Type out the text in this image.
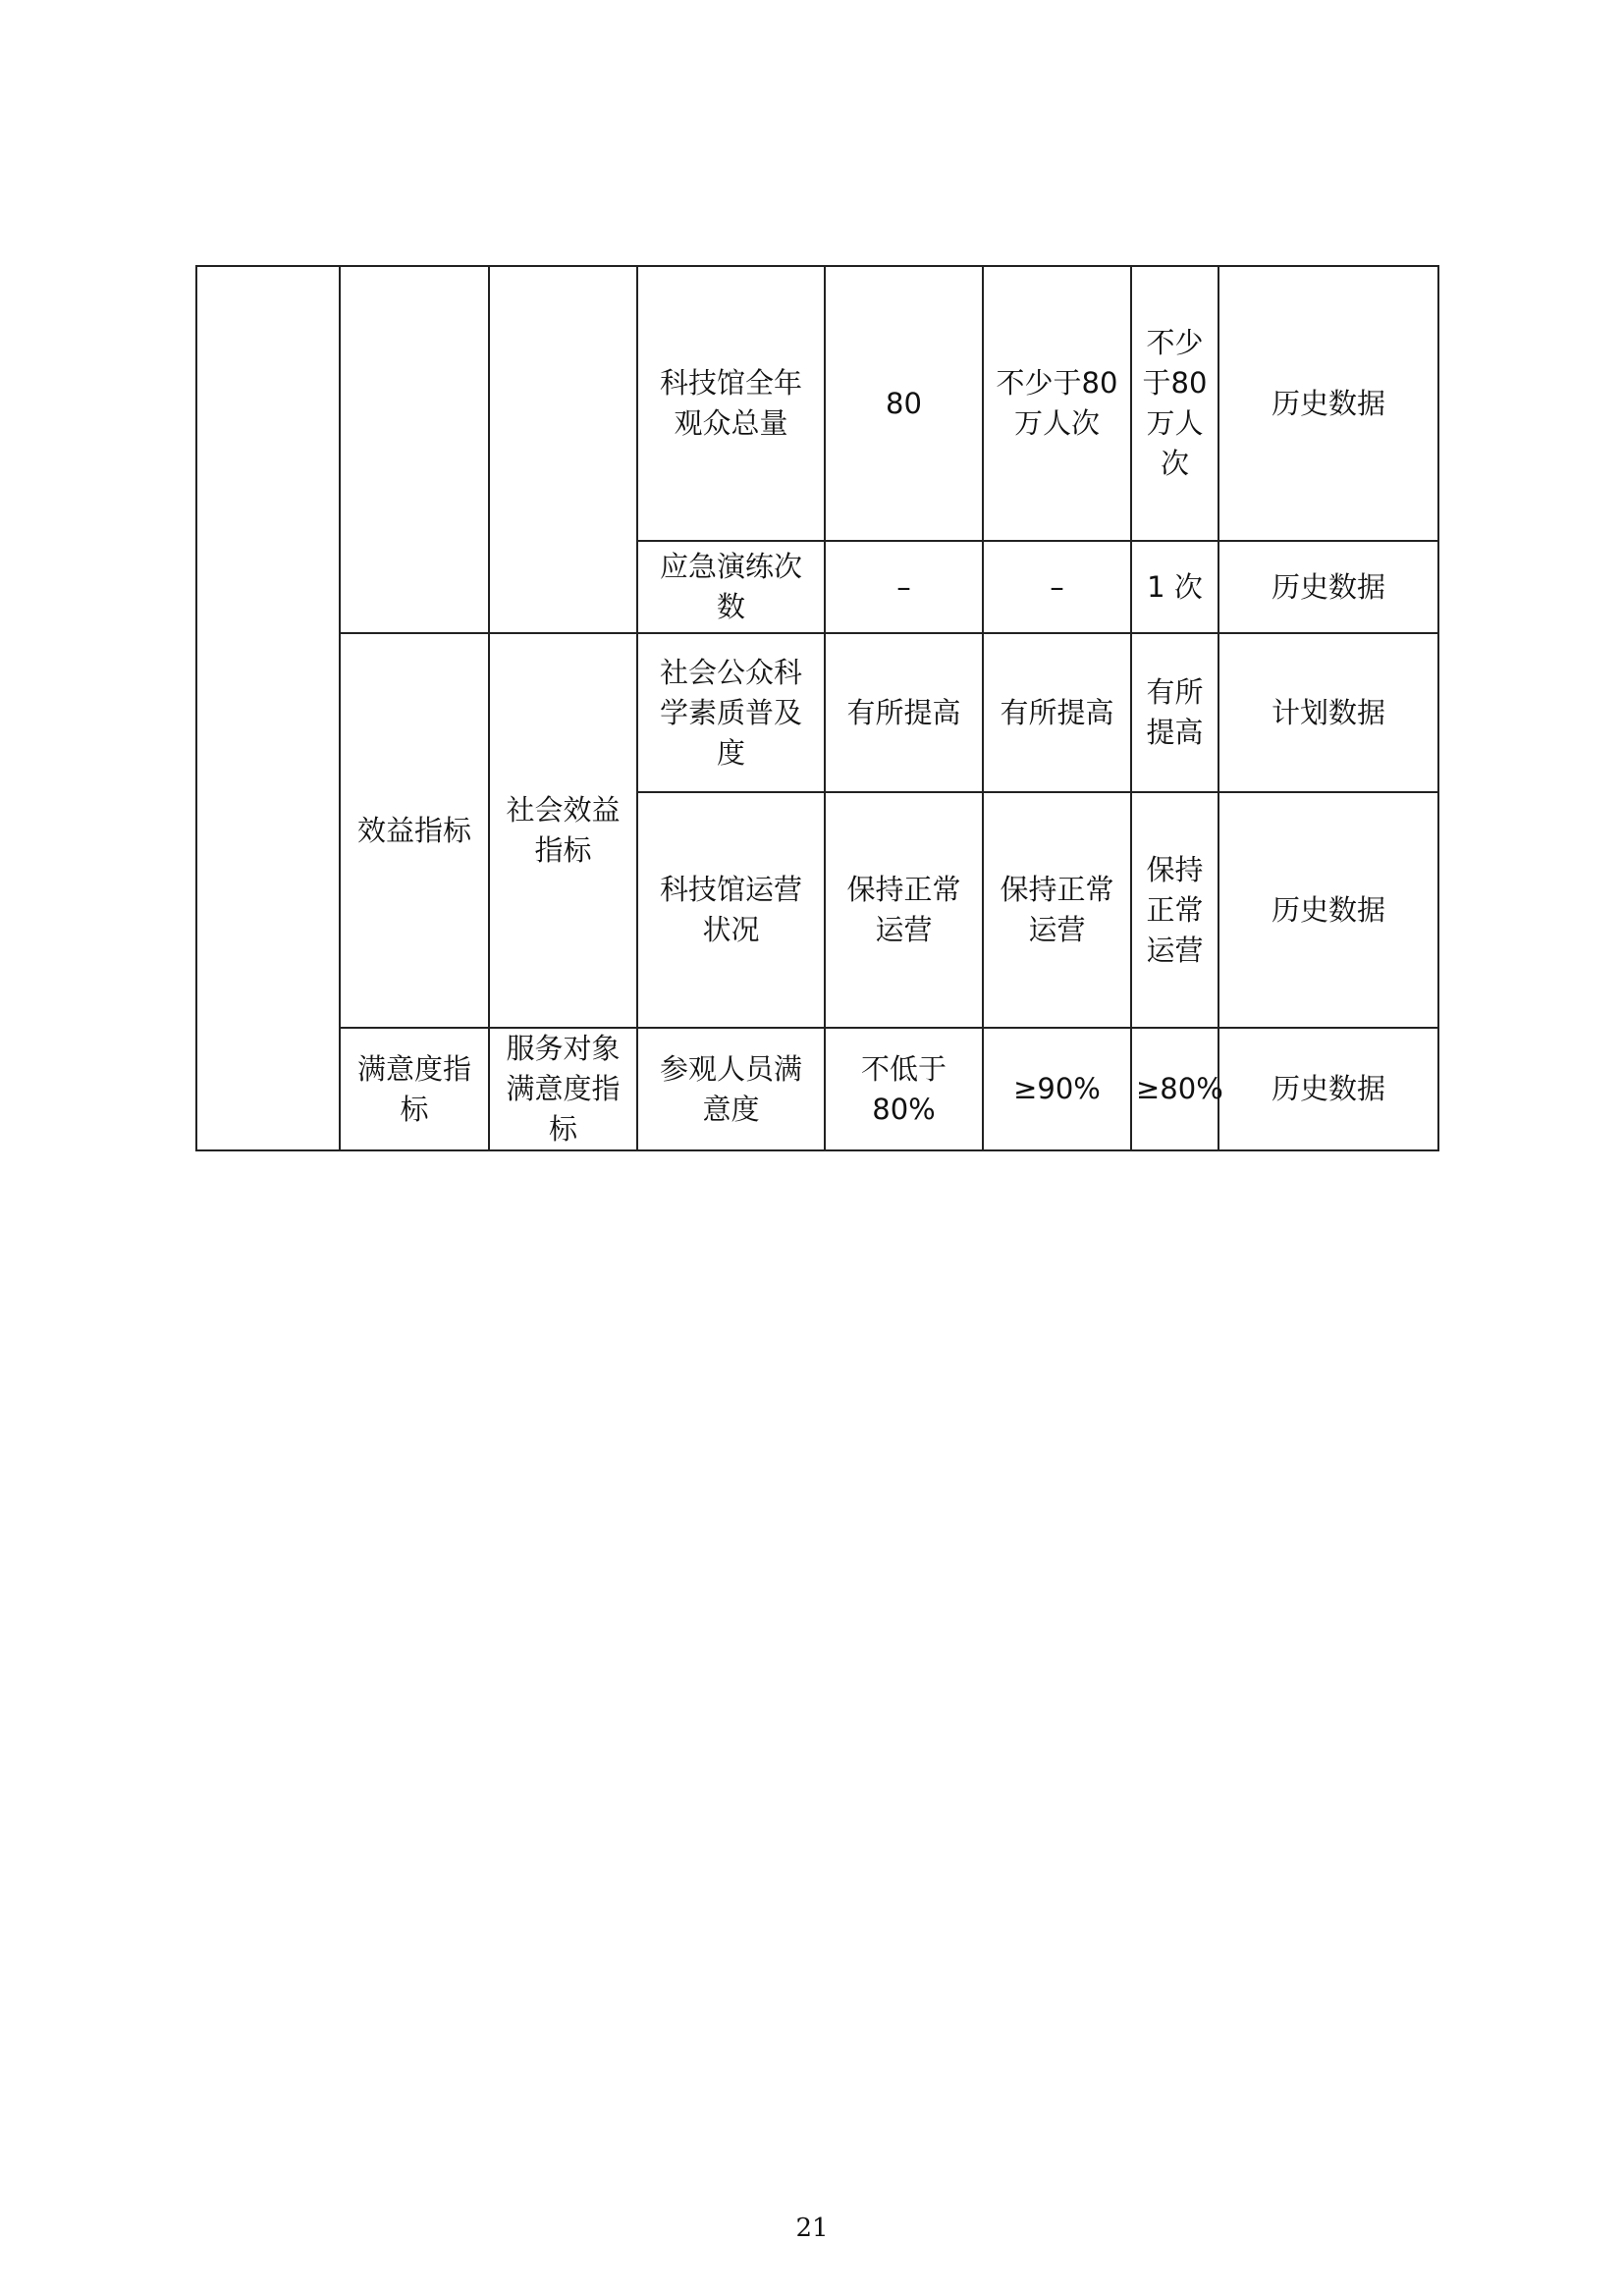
			科技馆全年观众总量	80	不少于80万人次	不少于80万人次	历史数据
			应急演练次数	–	–	1 次	历史数据
	效益指标	社会效益指标	社会公众科学素质普及度	有所提高	有所提高	有所提高	计划数据
			科技馆运营状况	保持正常运营	保持正常运营	保持正常运营	历史数据
	满意度指标	服务对象满意度指标	参观人员满意度	不低于80%	≥90%	≥80%	历史数据
21
